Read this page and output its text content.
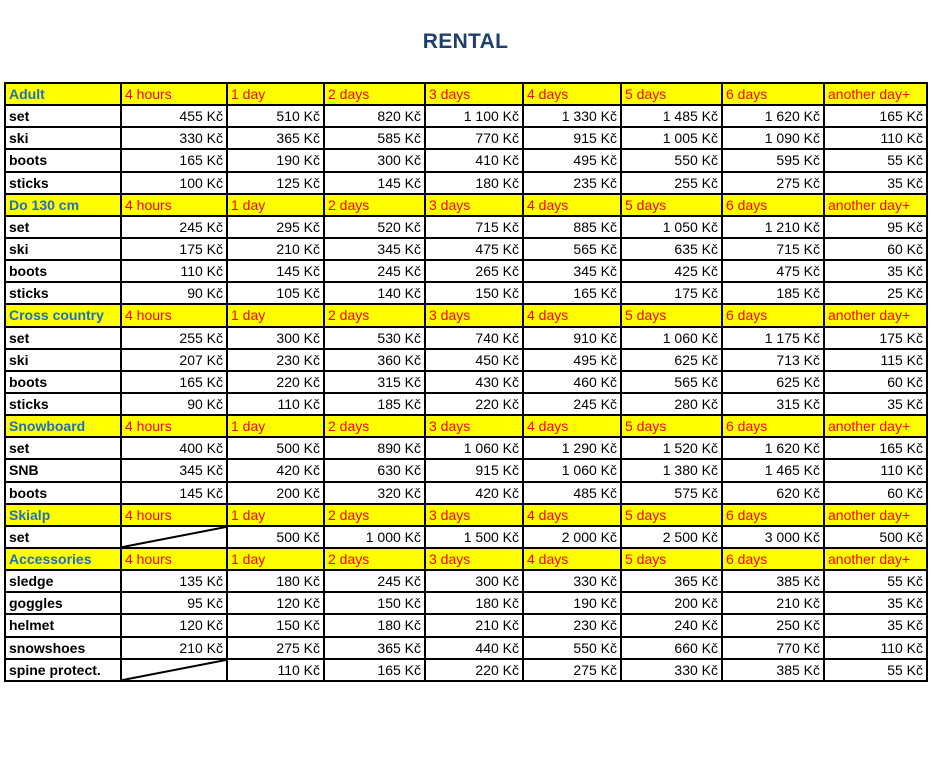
RENTAL
Adult	4 hours	1 day	2 days	3 days	4 days	5 days	6 days	another day+
set	455 Kč	510 Kč	820 Kč	1 100 Kč	1 330 Kč	1 485 Kč	1 620 Kč	165 Kč
ski	330 Kč	365 Kč	585 Kč	770 Kč	915 Kč	1 005 Kč	1 090 Kč	110 Kč
boots	165 Kč	190 Kč	300 Kč	410 Kč	495 Kč	550 Kč	595 Kč	55 Kč
sticks	100 Kč	125 Kč	145 Kč	180 Kč	235 Kč	255 Kč	275 Kč	35 Kč
Do 130 cm	4 hours	1 day	2 days	3 days	4 days	5 days	6 days	another day+
set	245 Kč	295 Kč	520 Kč	715 Kč	885 Kč	1 050 Kč	1 210 Kč	95 Kč
ski	175 Kč	210 Kč	345 Kč	475 Kč	565 Kč	635 Kč	715 Kč	60 Kč
boots	110 Kč	145 Kč	245 Kč	265 Kč	345 Kč	425 Kč	475 Kč	35 Kč
sticks	90 Kč	105 Kč	140 Kč	150 Kč	165 Kč	175 Kč	185 Kč	25 Kč
Cross country	4 hours	1 day	2 days	3 days	4 days	5 days	6 days	another day+
set	255 Kč	300 Kč	530 Kč	740 Kč	910 Kč	1 060 Kč	1 175 Kč	175 Kč
ski	207 Kč	230 Kč	360 Kč	450 Kč	495 Kč	625 Kč	713 Kč	115 Kč
boots	165 Kč	220 Kč	315 Kč	430 Kč	460 Kč	565 Kč	625 Kč	60 Kč
sticks	90 Kč	110 Kč	185 Kč	220 Kč	245 Kč	280 Kč	315 Kč	35 Kč
Snowboard	4 hours	1 day	2 days	3 days	4 days	5 days	6 days	another day+
set	400 Kč	500 Kč	890 Kč	1 060 Kč	1 290 Kč	1 520 Kč	1 620 Kč	165 Kč
SNB	345 Kč	420 Kč	630 Kč	915 Kč	1 060 Kč	1 380 Kč	1 465 Kč	110 Kč
boots	145 Kč	200 Kč	320 Kč	420 Kč	485 Kč	575 Kč	620 Kč	60 Kč
Skialp	4 hours	1 day	2 days	3 days	4 days	5 days	6 days	another day+
set		500 Kč	1 000 Kč	1 500 Kč	2 000 Kč	2 500 Kč	3 000 Kč	500 Kč
Accessories	4 hours	1 day	2 days	3 days	4 days	5 days	6 days	another day+
sledge	135 Kč	180 Kč	245 Kč	300 Kč	330 Kč	365 Kč	385 Kč	55 Kč
goggles	95 Kč	120 Kč	150 Kč	180 Kč	190 Kč	200 Kč	210 Kč	35 Kč
helmet	120 Kč	150 Kč	180 Kč	210 Kč	230 Kč	240 Kč	250 Kč	35 Kč
snowshoes	210 Kč	275 Kč	365 Kč	440 Kč	550 Kč	660 Kč	770 Kč	110 Kč
spine protect.		110 Kč	165 Kč	220 Kč	275 Kč	330 Kč	385 Kč	55 Kč
